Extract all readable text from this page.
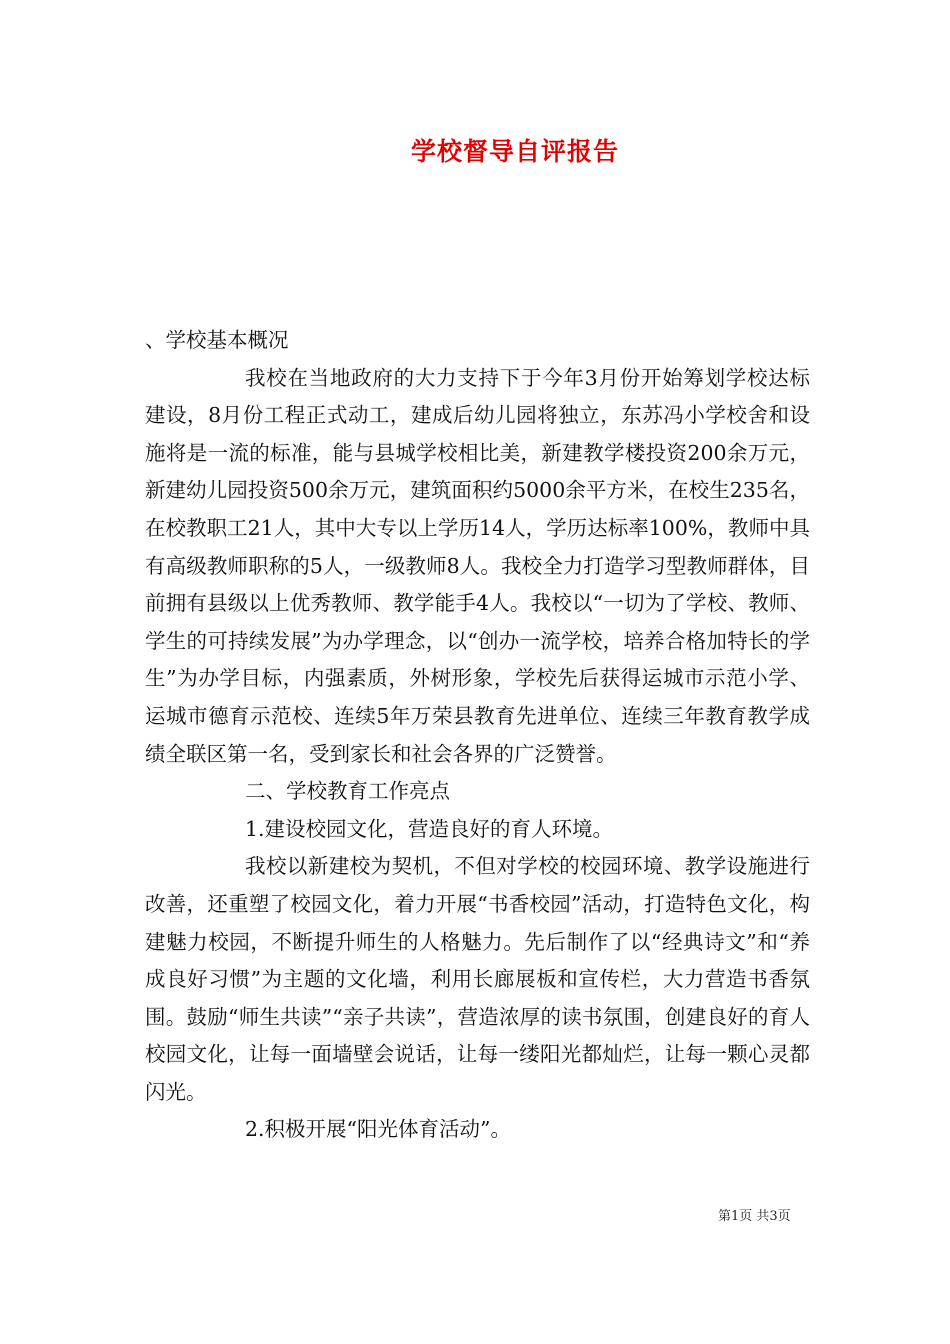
学校督导自评报告

、学校基本概况

我校在当地政府的大力支持下于今年3月份开始筹划学校达标建设，8月份工程正式动工，建成后幼儿园将独立，东苏冯小学校舍和设施将是一流的标准，能与县城学校相比美，新建教学楼投资200余万元，新建幼儿园投资500余万元，建筑面积约5000余平方米，在校生235名，在校教职工21人，其中大专以上学历14人，学历达标率100%，教师中具有高级教师职称的5人，一级教师8人。我校全力打造学习型教师群体，目前拥有县级以上优秀教师、教学能手4人。我校以“一切为了学校、教师、学生的可持续发展”为办学理念，以“创办一流学校，培养合格加特长的学生”为办学目标，内强素质，外树形象，学校先后获得运城市示范小学、运城市德育示范校、连续5年万荣县教育先进单位、连续三年教育教学成绩全联区第一名，受到家长和社会各界的广泛赞誉。

二、学校教育工作亮点

1.建设校园文化，营造良好的育人环境。

我校以新建校为契机，不但对学校的校园环境、教学设施进行改善，还重塑了校园文化，着力开展“书香校园”活动，打造特色文化，构建魅力校园，不断提升师生的人格魅力。先后制作了以“经典诗文”和“养成良好习惯”为主题的文化墙，利用长廊展板和宣传栏，大力营造书香氛围。鼓励“师生共读”“亲子共读”，营造浓厚的读书氛围，创建良好的育人校园文化，让每一面墙壁会说话，让每一缕阳光都灿烂，让每一颗心灵都闪光。

2.积极开展“阳光体育活动”。

第1页 共3页
